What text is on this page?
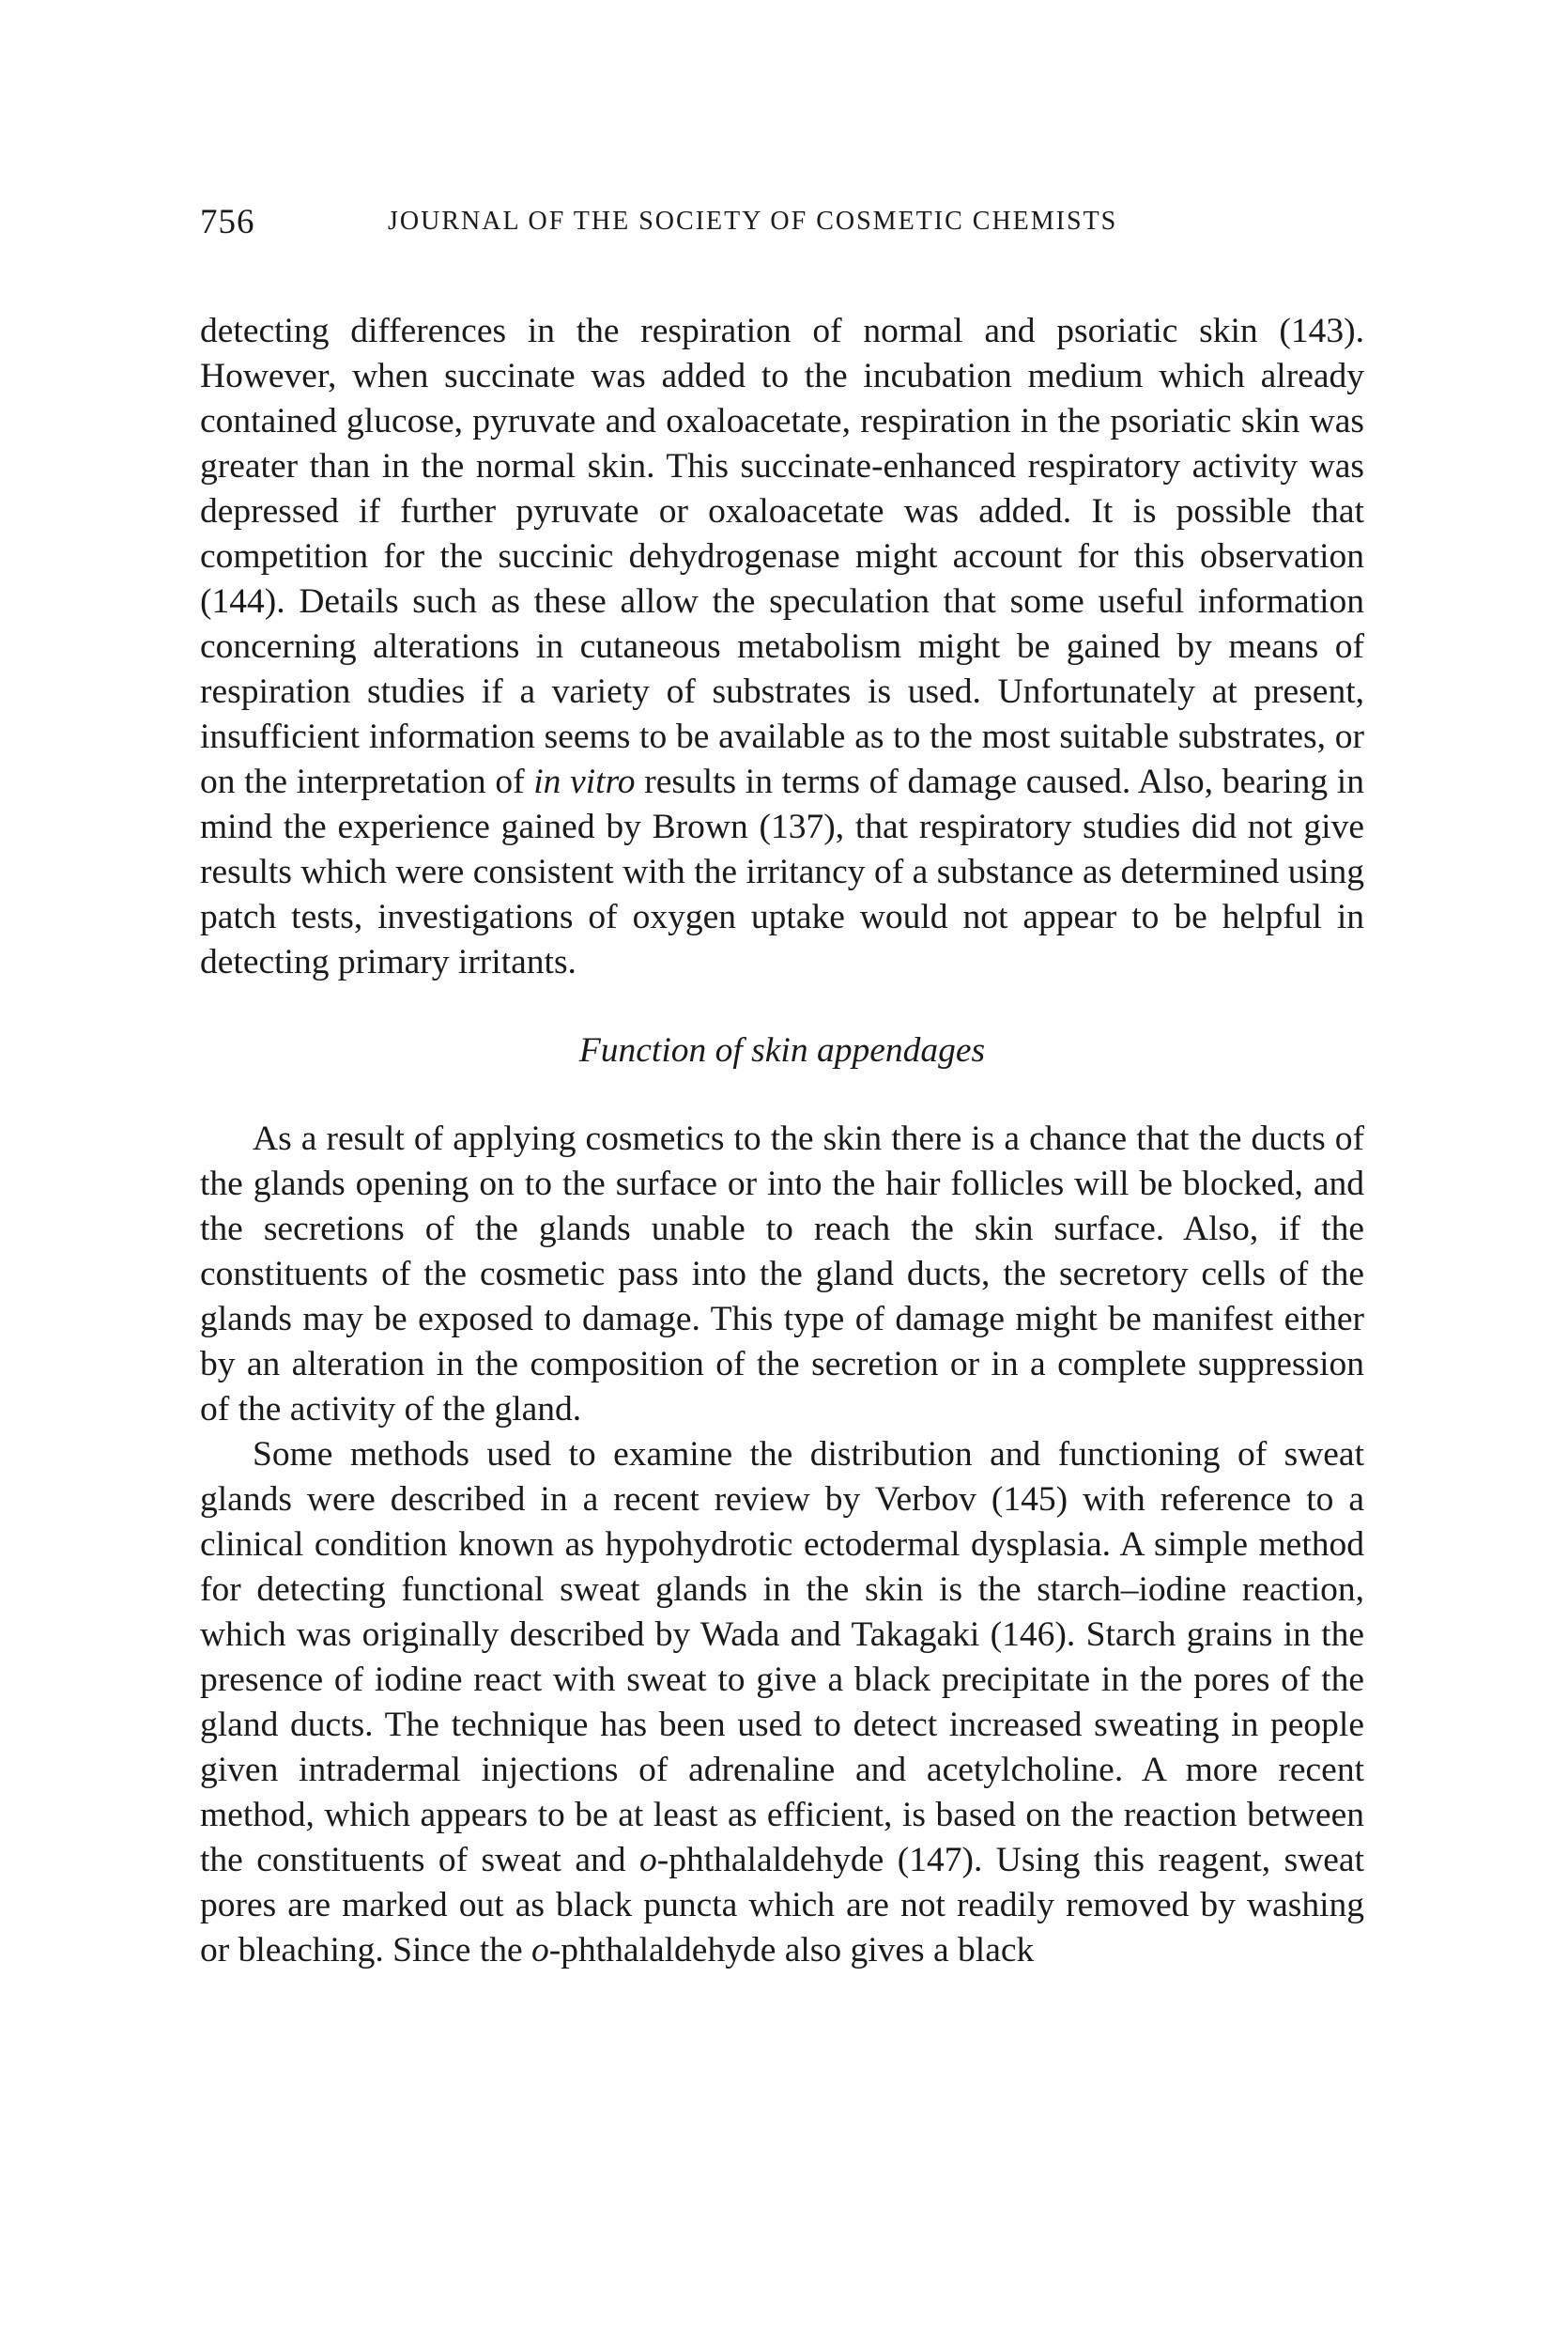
756	JOURNAL OF THE SOCIETY OF COSMETIC CHEMISTS

detecting differences in the respiration of normal and psoriatic skin (143). However, when succinate was added to the incubation medium which already contained glucose, pyruvate and oxaloacetate, respiration in the psoriatic skin was greater than in the normal skin. This succinate-enhanced respiratory activity was depressed if further pyruvate or oxaloacetate was added. It is possible that competition for the succinic dehydrogenase might account for this observation (144). Details such as these allow the speculation that some useful information concerning alterations in cutaneous metabolism might be gained by means of respiration studies if a variety of substrates is used. Unfortunately at present, insufficient information seems to be available as to the most suitable substrates, or on the interpretation of in vitro results in terms of damage caused. Also, bearing in mind the experience gained by Brown (137), that respiratory studies did not give results which were consistent with the irritancy of a substance as determined using patch tests, investigations of oxygen uptake would not appear to be helpful in detecting primary irritants.

Function of skin appendages

As a result of applying cosmetics to the skin there is a chance that the ducts of the glands opening on to the surface or into the hair follicles will be blocked, and the secretions of the glands unable to reach the skin surface. Also, if the constituents of the cosmetic pass into the gland ducts, the secretory cells of the glands may be exposed to damage. This type of damage might be manifest either by an alteration in the composition of the secretion or in a complete suppression of the activity of the gland.

Some methods used to examine the distribution and functioning of sweat glands were described in a recent review by Verbov (145) with reference to a clinical condition known as hypohydrotic ectodermal dysplasia. A simple method for detecting functional sweat glands in the skin is the starch–iodine reaction, which was originally described by Wada and Takagaki (146). Starch grains in the presence of iodine react with sweat to give a black precipitate in the pores of the gland ducts. The technique has been used to detect increased sweating in people given intradermal injections of adrenaline and acetylcholine. A more recent method, which appears to be at least as efficient, is based on the reaction between the constituents of sweat and o-phthalaldehyde (147). Using this reagent, sweat pores are marked out as black puncta which are not readily removed by washing or bleaching. Since the o-phthalaldehyde also gives a black
